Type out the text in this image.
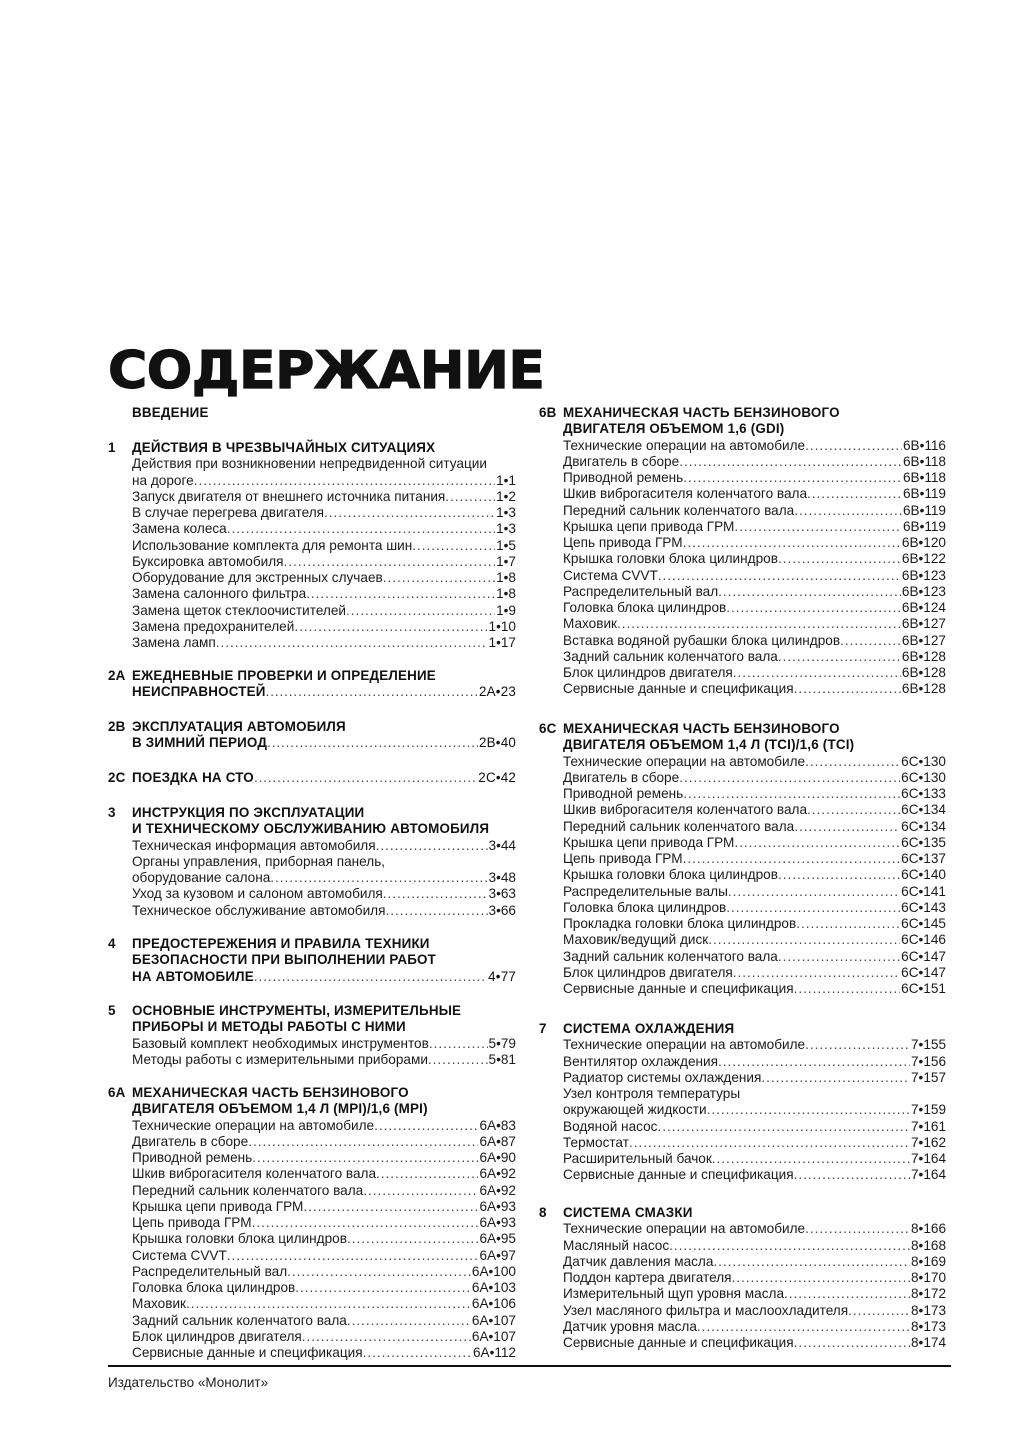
СОДЕРЖАНИЕ
ВВЕДЕНИЕ
1	ДЕЙСТВИЯ В ЧРЕЗВЫЧАЙНЫХ СИТУАЦИЯХ
Действия при возникновении непредвиденной ситуации
на дороге . . .	1•1
Запуск двигателя от внешнего источника питания . . .	1•2
В случае перегрева двигателя . . .	1•3
Замена колеса . . .	1•3
Использование комплекта для ремонта шин . . .	1•5
Буксировка автомобиля . . .	1•7
Оборудование для экстренных случаев . . .	1•8
Замена салонного фильтра . . .	1•8
Замена щеток стеклоочистителей . . .	1•9
Замена предохранителей . . .	1•10
Замена ламп . . .	1•17
2A ЕЖЕДНЕВНЫЕ ПРОВЕРКИ И ОПРЕДЕЛЕНИЕ
НЕИСПРАВНОСТЕЙ . . .	2A•23
2B ЭКСПЛУАТАЦИЯ АВТОМОБИЛЯ
В ЗИМНИЙ ПЕРИОД . . .	2B•40
2C ПОЕЗДКА НА СТО . . .	2C•42
3	ИНСТРУКЦИЯ ПО ЭКСПЛУАТАЦИИ
И ТЕХНИЧЕСКОМУ ОБСЛУЖИВАНИЮ АВТОМОБИЛЯ
Техническая информация автомобиля . . .	3•44
Органы управления, приборная панель,
оборудование салона . . .	3•48
Уход за кузовом и салоном автомобиля . . .	3•63
Техническое обслуживание автомобиля . . .	3•66
4	ПРЕДОСТЕРЕЖЕНИЯ И ПРАВИЛА ТЕХНИКИ
БЕЗОПАСНОСТИ ПРИ ВЫПОЛНЕНИИ РАБОТ
НА АВТОМОБИЛЕ . . .	4•77
5	ОСНОВНЫЕ ИНСТРУМЕНТЫ, ИЗМЕРИТЕЛЬНЫЕ
ПРИБОРЫ И МЕТОДЫ РАБОТЫ С НИМИ
Базовый комплект необходимых инструментов . . .	5•79
Методы работы с измерительными приборами . . .	5•81
6A МЕХАНИЧЕСКАЯ ЧАСТЬ БЕНЗИНОВОГО
ДВИГАТЕЛЯ ОБЪЕМОМ 1,4 Л (MPI)/1,6 (MPI)
Технические операции на автомобиле . . .	6A•83
Двигатель в сборе . . .	6A•87
Приводной ремень . . .	6A•90
Шкив виброгасителя коленчатого вала . . .	6A•92
Передний сальник коленчатого вала . . .	6A•92
Крышка цепи привода ГРМ . . .	6A•93
Цепь привода ГРМ . . .	6A•93
Крышка головки блока цилиндров . . .	6A•95
Система CVVT . . .	6A•97
Распределительный вал . . .	6A•100
Головка блока цилиндров . . .	6A•103
Маховик . . .	6A•106
Задний сальник коленчатого вала . . .	6A•107
Блок цилиндров двигателя . . .	6A•107
Сервисные данные и спецификация . . .	6A•112
6B МЕХАНИЧЕСКАЯ ЧАСТЬ БЕНЗИНОВОГО
ДВИГАТЕЛЯ ОБЪЕМОМ 1,6 (GDI)
Технические операции на автомобиле . . .	6B•116
Двигатель в сборе . . .	6B•118
Приводной ремень . . .	6B•118
Шкив виброгасителя коленчатого вала . . .	6B•119
Передний сальник коленчатого вала . . .	6B•119
Крышка цепи привода ГРМ . . .	6B•119
Цепь привода ГРМ . . .	6B•120
Крышка головки блока цилиндров . . .	6B•122
Система CVVT . . .	6B•123
Распределительный вал . . .	6B•123
Головка блока цилиндров . . .	6B•124
Маховик . . .	6B•127
Вставка водяной рубашки блока цилиндров . . .	6B•127
Задний сальник коленчатого вала . . .	6B•128
Блок цилиндров двигателя . . .	6B•128
Сервисные данные и спецификация . . .	6B•128
6C МЕХАНИЧЕСКАЯ ЧАСТЬ БЕНЗИНОВОГО
ДВИГАТЕЛЯ ОБЪЕМОМ 1,4 Л (TCI)/1,6 (TCI)
Технические операции на автомобиле . . .	6C•130
Двигатель в сборе . . .	6C•130
Приводной ремень . . .	6C•133
Шкив виброгасителя коленчатого вала . . .	6C•134
Передний сальник коленчатого вала . . .	6C•134
Крышка цепи привода ГРМ . . .	6C•135
Цепь привода ГРМ . . .	6C•137
Крышка головки блока цилиндров . . .	6C•140
Распределительные валы . . .	6C•141
Головка блока цилиндров . . .	6C•143
Прокладка головки блока цилиндров . . .	6C•145
Маховик/ведущий диск . . .	6C•146
Задний сальник коленчатого вала . . .	6C•147
Блок цилиндров двигателя . . .	6C•147
Сервисные данные и спецификация . . .	6C•151
7	СИСТЕМА ОХЛАЖДЕНИЯ
Технические операции на автомобиле . . .	7•155
Вентилятор охлаждения . . .	7•156
Радиатор системы охлаждения . . .	7•157
Узел контроля температуры
окружающей жидкости . . .	7•159
Водяной насос . . .	7•161
Термостат . . .	7•162
Расширительный бачок . . .	7•164
Сервисные данные и спецификация . . .	7•164
8	СИСТЕМА СМАЗКИ
Технические операции на автомобиле . . .	8•166
Масляный насос . . .	8•168
Датчик давления масла . . .	8•169
Поддон картера двигателя . . .	8•170
Измерительный щуп уровня масла . . .	8•172
Узел масляного фильтра и маслоохладителя . . .	8•173
Датчик уровня масла . . .	8•173
Сервисные данные и спецификация . . .	8•174
Издательство «Монолит»
